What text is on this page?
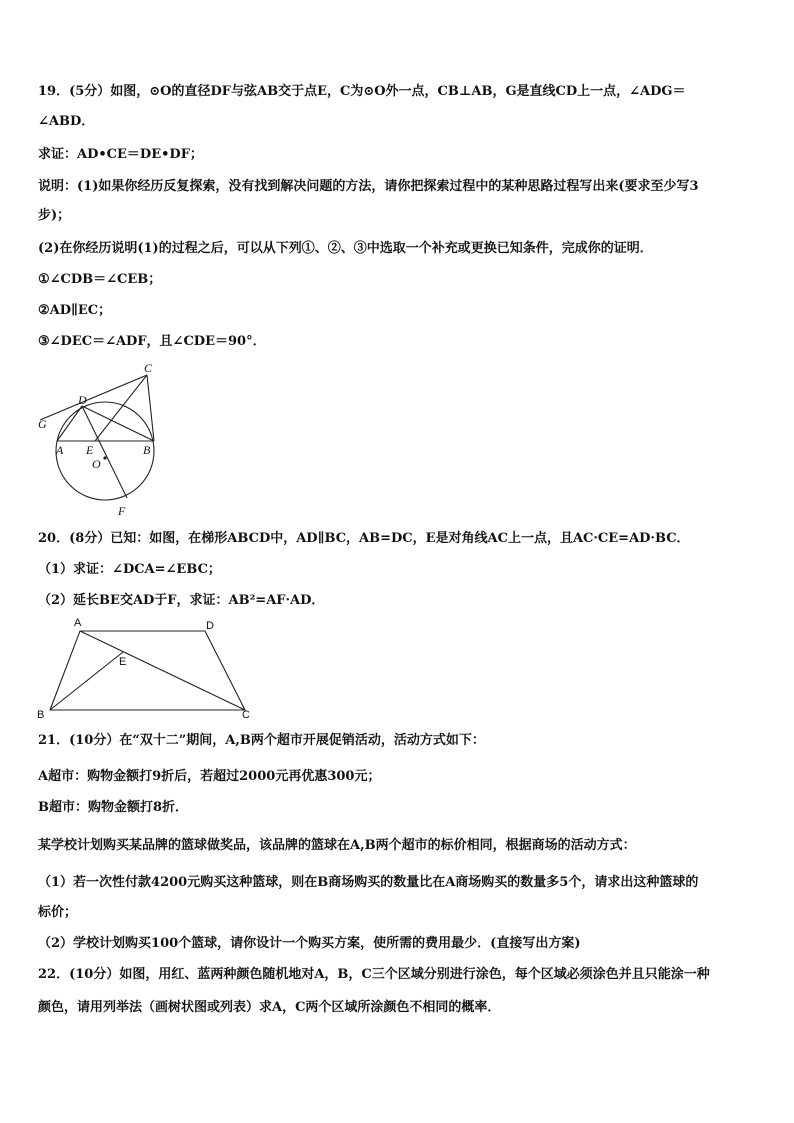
19．(5分）如图，⊙O的直径DF与弦AB交于点E，C为⊙O外一点，CB⊥AB，G是直线CD上一点，∠ADG＝
∠ABD．
求证：AD•CE＝DE•DF；
说明：(1)如果你经历反复探索，没有找到解决问题的方法，请你把探索过程中的某种思路过程写出来(要求至少写3
步)；
(2)在你经历说明(1)的过程之后，可以从下列①、②、③中选取一个补充或更换已知条件，完成你的证明．
①∠CDB＝∠CEB；
②AD∥EC；
③∠DEC＝∠ADF，且∠CDE＝90°．
C
D
G
A E
O
B
F
20．(8分）已知：如图，在梯形ABCD中，AD∥BC，AB=DC，E是对角线AC上一点，且AC·CE=AD·BC．
（1）求证：∠DCA=∠EBC；
（2）延长BE交AD于F，求证：AB²=AF·AD．
A	D
E
B	C
21．(10分）在“双十二”期间，A,B两个超市开展促销活动，活动方式如下：
A超市：购物金额打9折后，若超过2000元再优惠300元；
B超市：购物金额打8折．
某学校计划购买某品牌的篮球做奖品，该品牌的篮球在A,B两个超市的标价相同，根据商场的活动方式：
（1）若一次性付款4200元购买这种篮球，则在B商场购买的数量比在A商场购买的数量多5个，请求出这种篮球的
标价；
（2）学校计划购买100个篮球，请你设计一个购买方案，使所需的费用最少．(直接写出方案)
22．(10分）如图，用红、蓝两种颜色随机地对A，B，C三个区域分别进行涂色，每个区域必须涂色并且只能涂一种
颜色，请用列举法（画树状图或列表）求A，C两个区域所涂颜色不相同的概率．
